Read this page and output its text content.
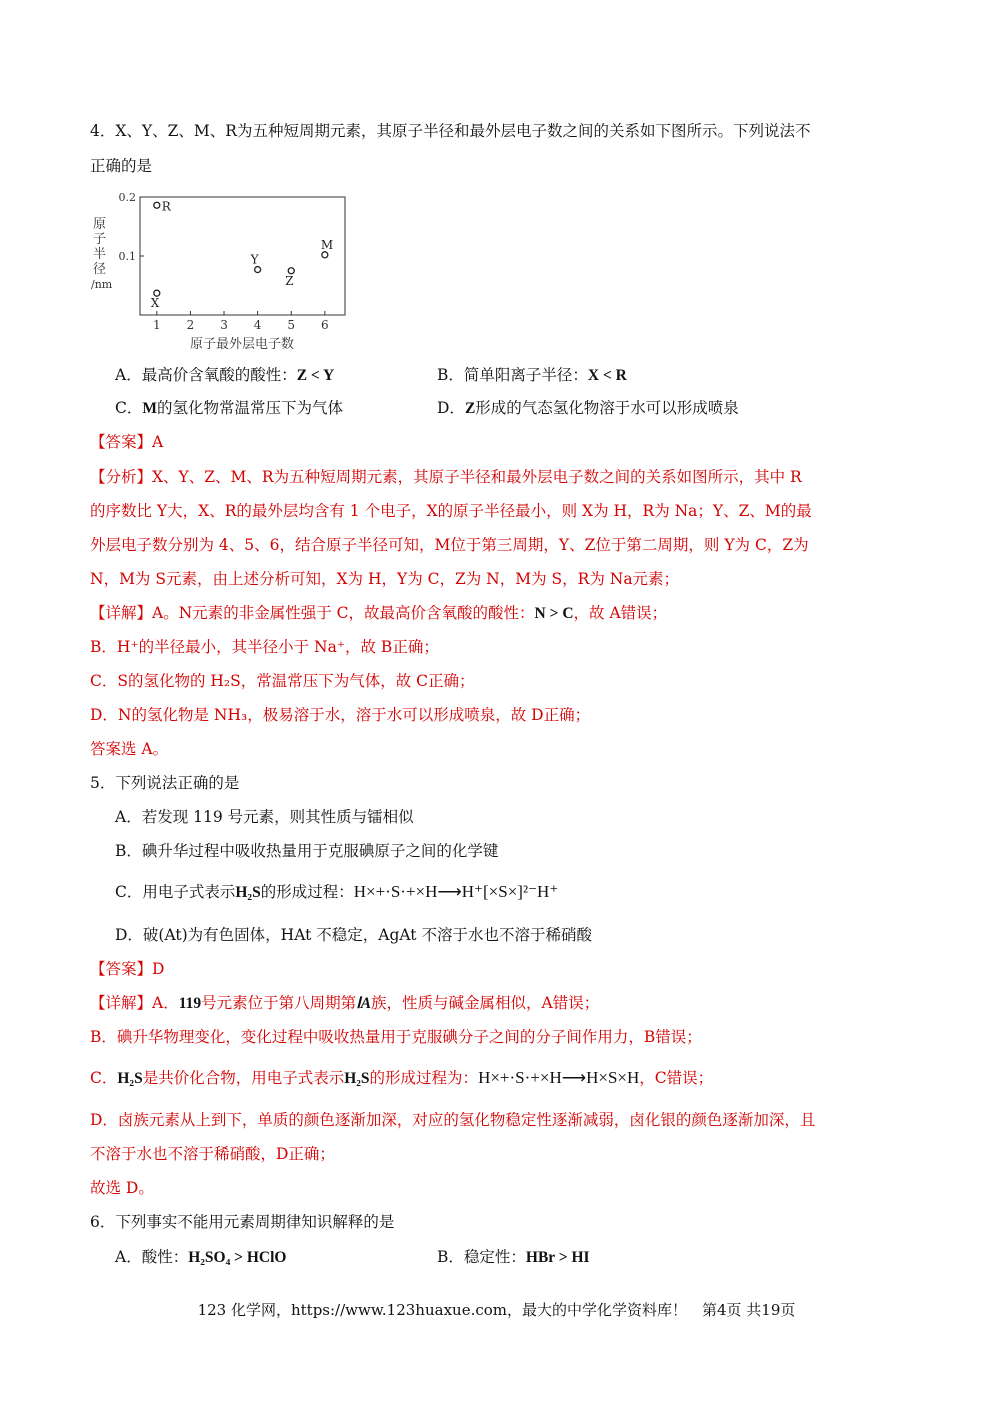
4．X、Y、Z、M、R为五种短周期元素，其原子半径和最外层电子数之间的关系如下图所示。下列说法不
正确的是
1 2 3 4 5 6
0.1
0.2
R
X
Y
Z
M
原子半径/nm
原子最外层电子数
A．最高价含氧酸的酸性：Z < Y	B．简单阳离子半径：X < R
C．M的氢化物常温常压下为气体	D．Z形成的气态氢化物溶于水可以形成喷泉
【答案】A
【分析】X、Y、Z、M、R为五种短周期元素，其原子半径和最外层电子数之间的关系如图所示，其中 R
的序数比 Y大，X、R的最外层均含有 1 个电子，X的原子半径最小，则 X为 H，R为 Na；Y、Z、M的最
外层电子数分别为 4、5、6，结合原子半径可知，M位于第三周期，Y、Z位于第二周期，则 Y为 C，Z为
N，M为 S元素，由上述分析可知，X为 H，Y为 C，Z为 N，M为 S，R为 Na元素；
【详解】A。N元素的非金属性强于 C，故最高价含氧酸的酸性：N > C，故 A错误；
B．H⁺的半径最小，其半径小于 Na⁺，故 B正确；
C．S的氢化物的 H₂S，常温常压下为气体，故 C正确；
D．N的氢化物是 NH₃，极易溶于水，溶于水可以形成喷泉，故 D正确；
答案选 A。
5．下列说法正确的是
A．若发现 119 号元素，则其性质与镭相似
B．碘升华过程中吸收热量用于克服碘原子之间的化学键
C．用电子式表示H₂S的形成过程：H×+·S·+×H⟶H⁺[×S×]²⁻H⁺
D．破(At)为有色固体，HAt 不稳定，AgAt 不溶于水也不溶于稀硝酸
【答案】D
【详解】A．119号元素位于第八周期第ⅠA族，性质与碱金属相似，A错误；
B．碘升华物理变化，变化过程中吸收热量用于克服碘分子之间的分子间作用力，B错误；
C．H₂S是共价化合物，用电子式表示H₂S的形成过程为：H×+·S·+×H⟶H×S×H，C错误；
D．卤族元素从上到下，单质的颜色逐渐加深，对应的氢化物稳定性逐渐减弱，卤化银的颜色逐渐加深，且
不溶于水也不溶于稀硝酸，D正确；
故选 D。
6．下列事实不能用元素周期律知识解释的是
A．酸性：H₂SO₄ > HClO	B．稳定性：HBr > HI
123 化学网，https://www.123huaxue.com，最大的中学化学资料库！　第4页 共19页
